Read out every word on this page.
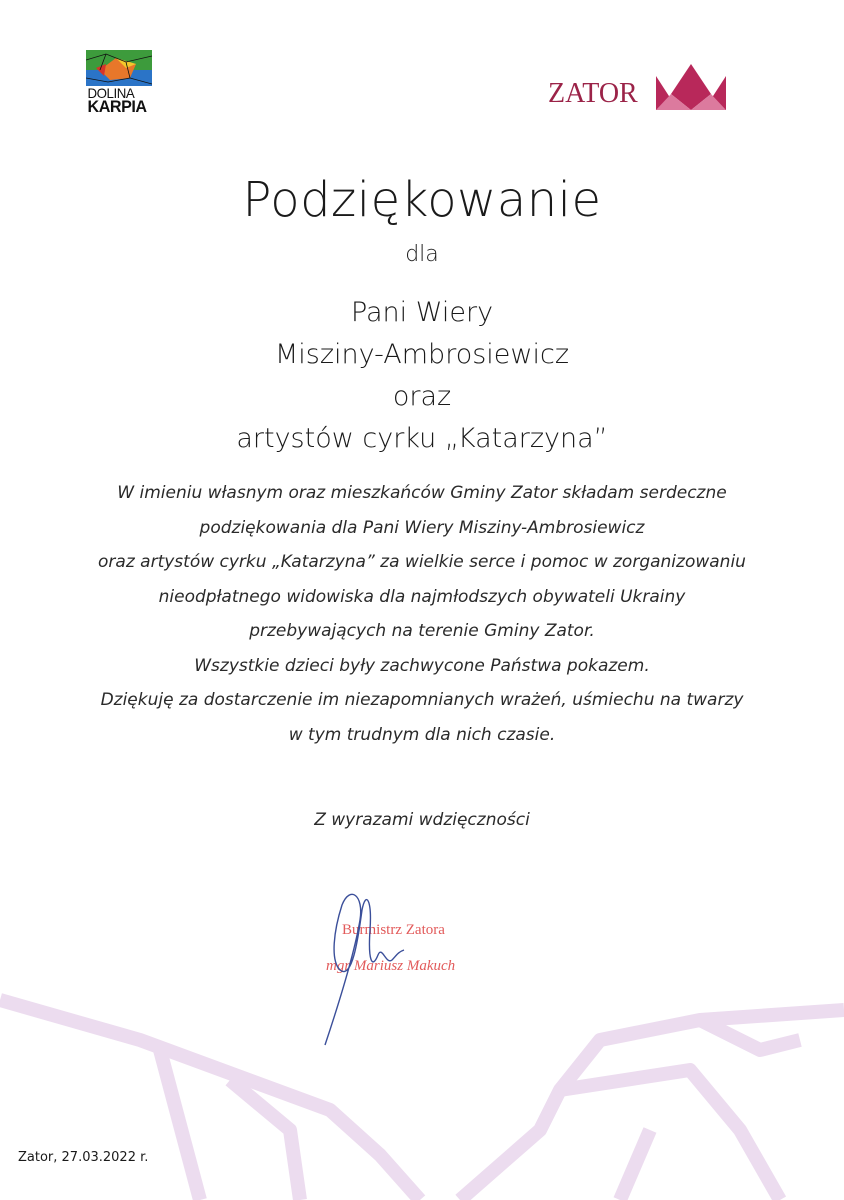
DOLINA
KARPIA	ZATOR
Podziękowanie
dla
Pani Wiery
Misziny-Ambrosiewicz
oraz
artystów cyrku „Katarzyna”
W imieniu własnym oraz mieszkańców Gminy Zator składam serdeczne
podziękowania dla Pani Wiery Misziny-Ambrosiewicz
oraz artystów cyrku „Katarzyna” za wielkie serce i pomoc w zorganizowaniu
nieodpłatnego widowiska dla najmłodszych obywateli Ukrainy
przebywających na terenie Gminy Zator.
Wszystkie dzieci były zachwycone Państwa pokazem.
Dziękuję za dostarczenie im niezapomnianych wrażeń, uśmiechu na twarzy
w tym trudnym dla nich czasie.
Z wyrazami wdzięczności
Burmistrz Zatora
mgr Mariusz Makuch
Zator, 27.03.2022 r.
